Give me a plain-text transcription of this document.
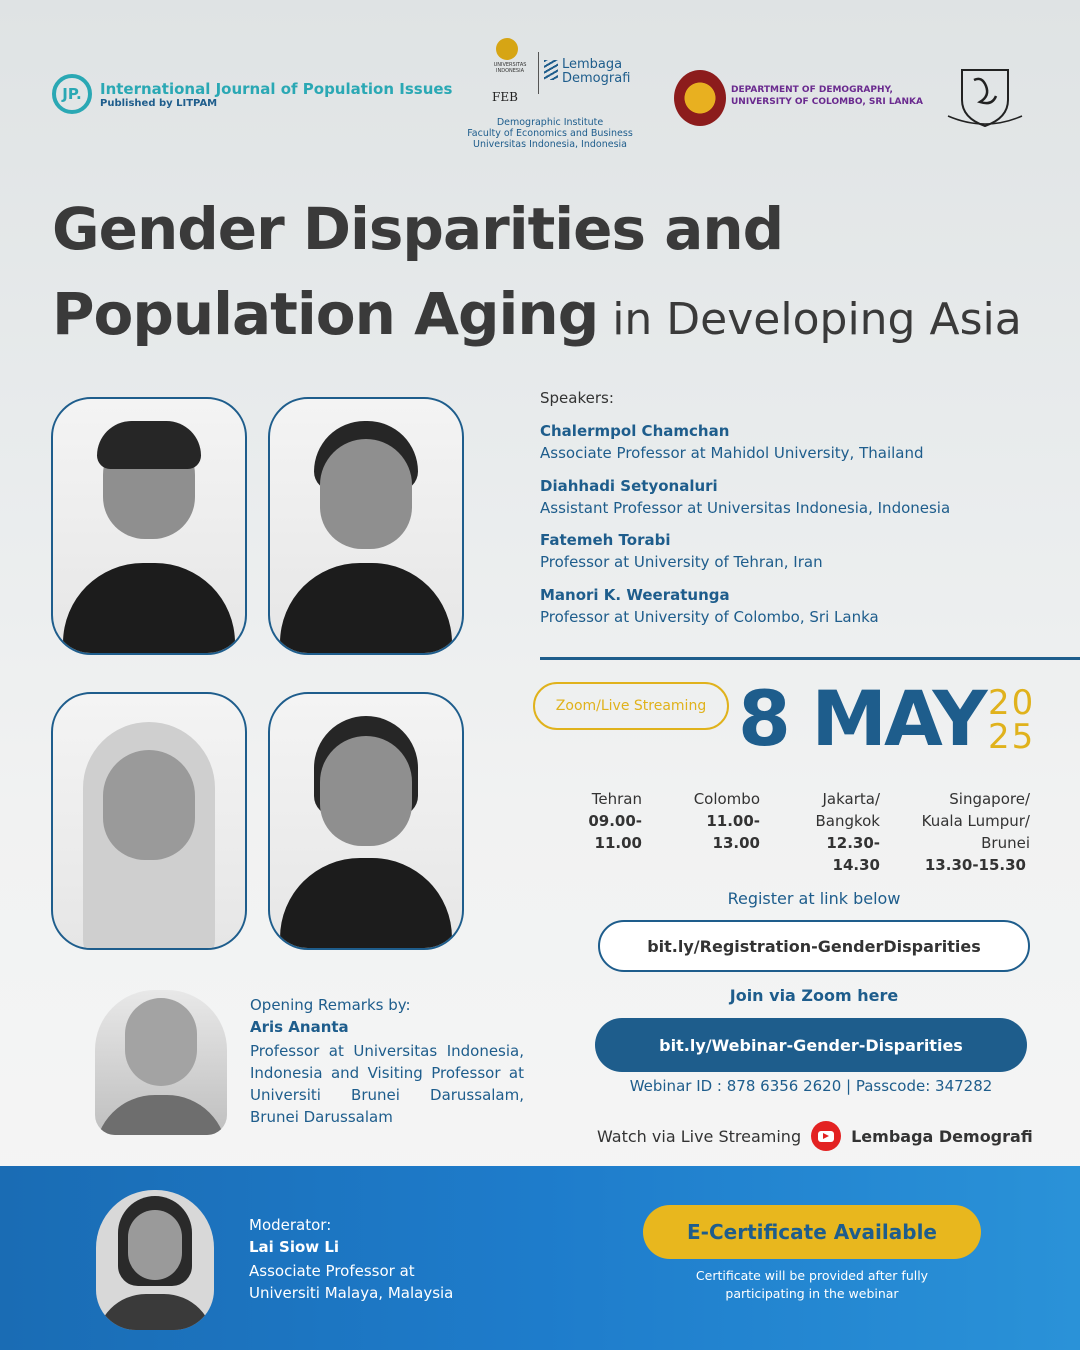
JP.	International Journal of Population Issues
Published by LITPAM
UNIVERSITAS INDONESIA
FEB
Lembaga
Demografi
Demographic Institute
Faculty of Economics and Business
Universitas Indonesia, Indonesia
DEPARTMENT OF DEMOGRAPHY,
UNIVERSITY OF COLOMBO, SRI LANKA
Gender Disparities and
Population Aging in Developing Asia
Speakers:
Chalermpol Chamchan
Associate Professor at Mahidol University, Thailand
Diahhadi Setyonaluri
Assistant Professor at Universitas Indonesia, Indonesia
Fatemeh Torabi
Professor at University of Tehran, Iran
Manori K. Weeratunga
Professor at University of Colombo, Sri Lanka
Zoom/Live Streaming 8 MAY 20
25
Tehran
09.00-11.00
Colombo
11.00-13.00
Jakarta/
Bangkok
12.30-14.30
Singapore/
Kuala Lumpur/
Brunei
13.30-15.30
Register at link below
bit.ly/Registration-GenderDisparities
Join via Zoom here
bit.ly/Webinar-Gender-Disparities
Webinar ID : 878 6356 2620 | Passcode: 347282
Watch via Live Streaming	Lembaga Demografi
Opening Remarks by:
Aris Ananta
Professor at Universitas Indonesia, Indonesia and Visiting Professor at Universiti Brunei Darussalam, Brunei Darussalam
Moderator:
Lai Siow Li
Associate Professor at
Universiti Malaya, Malaysia
E-Certificate Available
Certificate will be provided after fully
participating in the webinar
